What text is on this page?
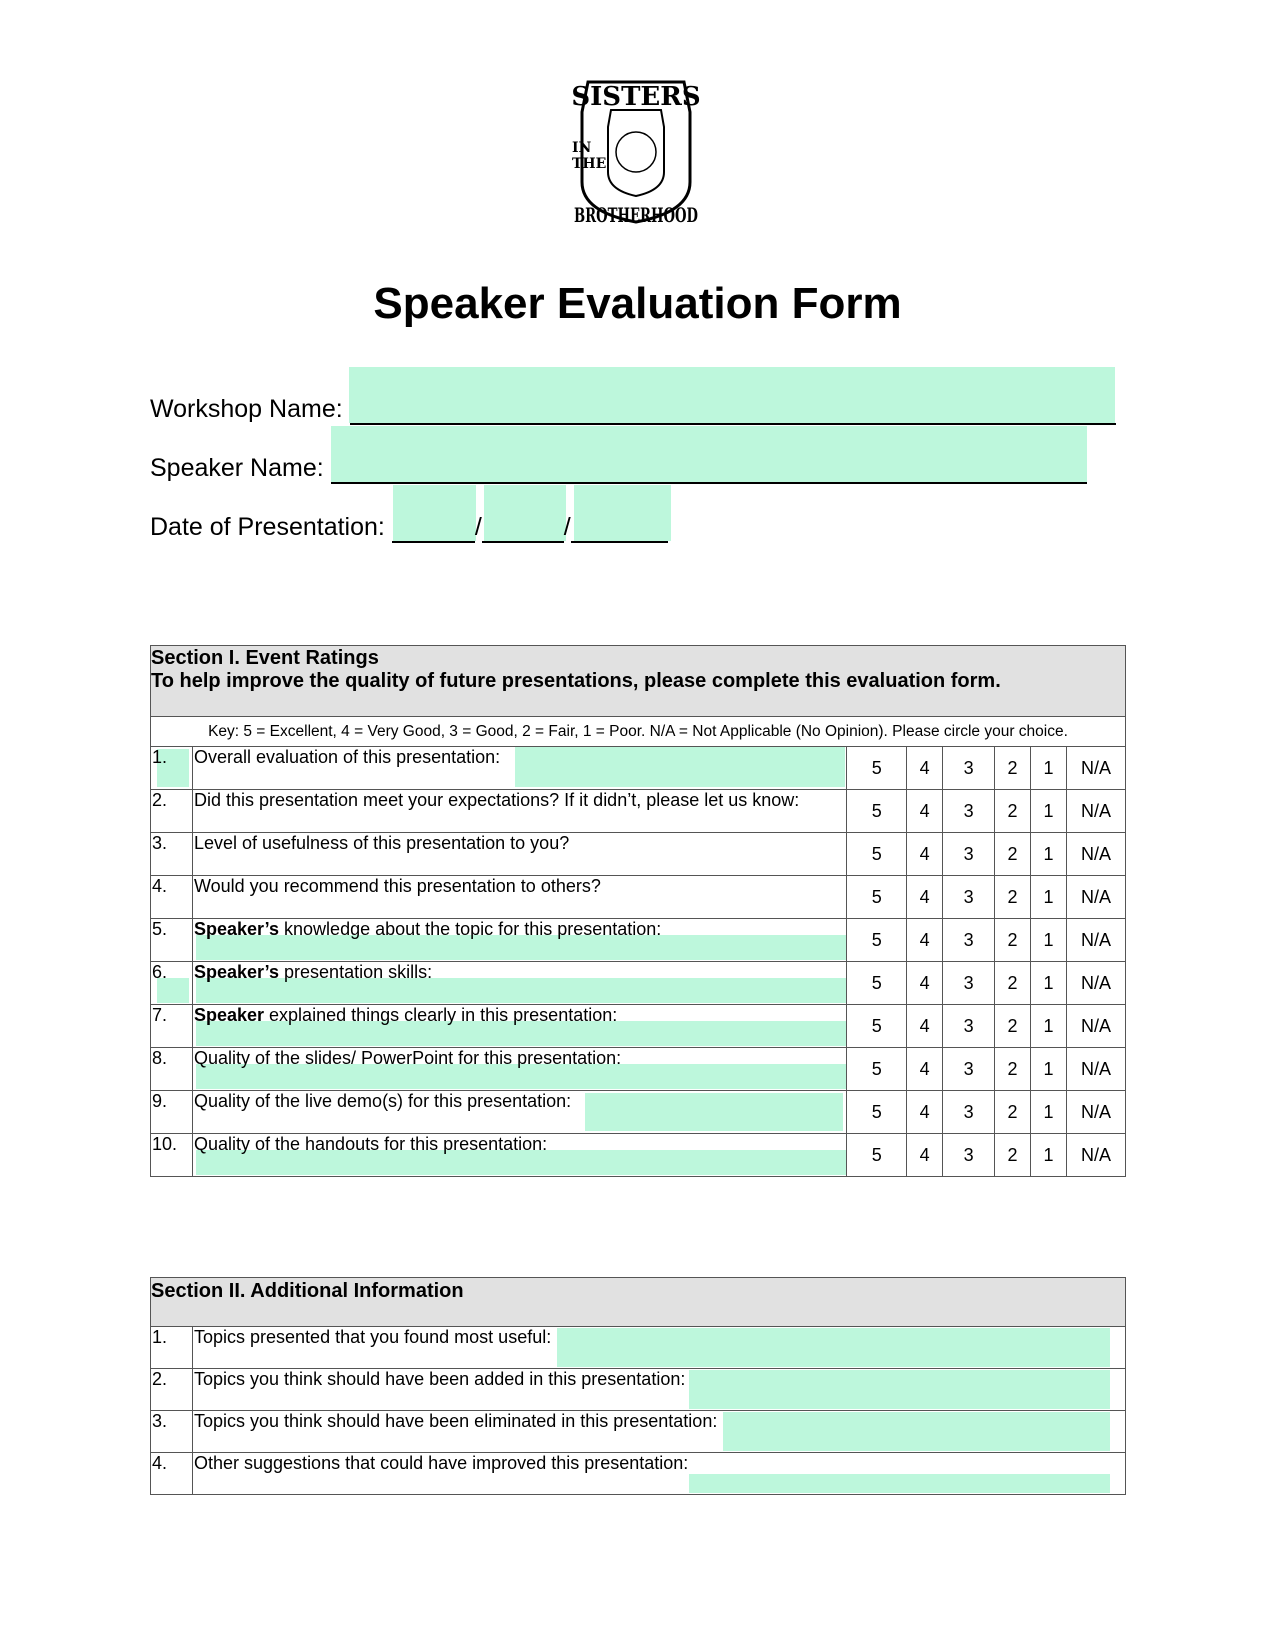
SISTERS
IN
THE
BROTHERHOOD
Speaker Evaluation Form
Workshop Name:
Speaker Name:
Date of Presentation:	/	/
Section I. Event Ratings
To help improve the quality of future presentations, please complete this evaluation form.							

Key: 5 = Excellent, 4 = Very Good, 3 = Good, 2 = Fair, 1 = Poor. N/A = Not Applicable (No Opinion). Please circle your choice.							
1.	Overall evaluation of this presentation:	5	4	3	2	1	N/A
2.	Did this presentation meet your expectations? If it didn’t, please let us know:	5	4	3	2	1	N/A
3.	Level of usefulness of this presentation to you?	5	4	3	2	1	N/A
4.	Would you recommend this presentation to others?	5	4	3	2	1	N/A
5.	Speaker’s knowledge about the topic for this presentation:	5	4	3	2	1	N/A
6.	Speaker’s presentation skills:	5	4	3	2	1	N/A
7.	Speaker explained things clearly in this presentation:	5	4	3	2	1	N/A
8.	Quality of the slides/ PowerPoint for this presentation:	5	4	3	2	1	N/A
9.	Quality of the live demo(s) for this presentation:	5	4	3	2	1	N/A
10.	Quality of the handouts for this presentation:	5	4	3	2	1	N/A
Section II. Additional Information	
1.	Topics presented that you found most useful:
2.	Topics you think should have been added in this presentation:
3.	Topics you think should have been eliminated in this presentation:
4.	Other suggestions that could have improved this presentation:
